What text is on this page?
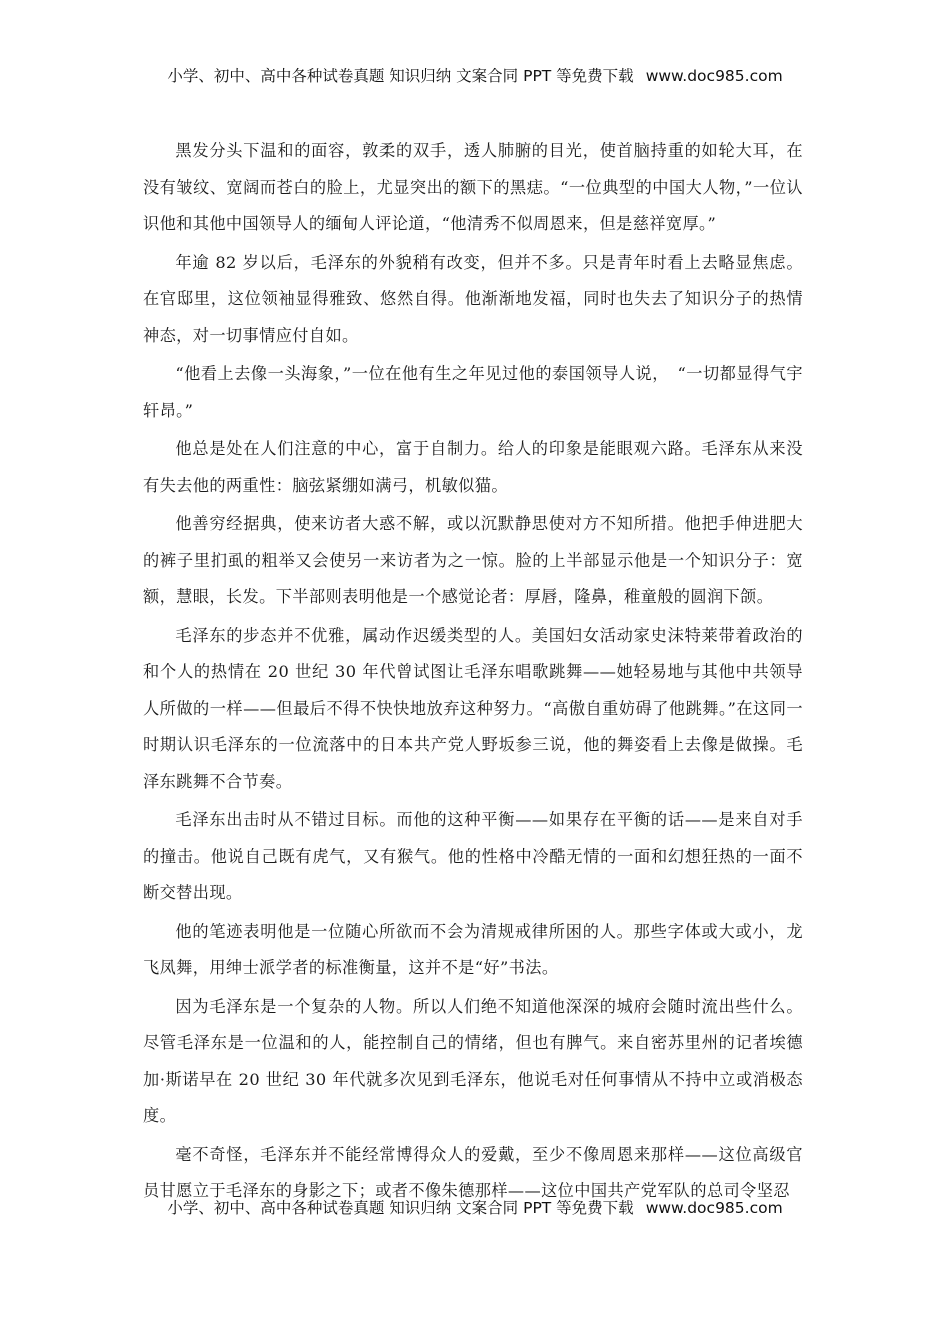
小学、初中、高中各种试卷真题 知识归纳 文案合同 PPT 等免费下载 www.doc985.com

黑发分头下温和的面容，敦柔的双手，透人肺腑的目光，使首脑持重的如轮大耳，在没有皱纹、宽阔而苍白的脸上，尤显突出的额下的黑痣。“一位典型的中国大人物，”一位认识他和其他中国领导人的缅甸人评论道，“他清秀不似周恩来，但是慈祥宽厚。”

年逾 82 岁以后，毛泽东的外貌稍有改变，但并不多。只是青年时看上去略显焦虑。在官邸里，这位领袖显得雅致、悠然自得。他渐渐地发福，同时也失去了知识分子的热情神态，对一切事情应付自如。

“他看上去像一头海象，”一位在他有生之年见过他的泰国领导人说，　“一切都显得气宇轩昂。”

他总是处在人们注意的中心，富于自制力。给人的印象是能眼观六路。毛泽东从来没有失去他的两重性：脑弦紧绷如满弓，机敏似猫。

他善穷经据典，使来访者大惑不解，或以沉默静思使对方不知所措。他把手伸进肥大的裤子里扪虱的粗举又会使另一来访者为之一惊。脸的上半部显示他是一个知识分子：宽额，慧眼，长发。下半部则表明他是一个感觉论者：厚唇，隆鼻，稚童般的圆润下颌。

毛泽东的步态并不优雅，属动作迟缓类型的人。美国妇女活动家史沫特莱带着政治的和个人的热情在 20 世纪 30 年代曾试图让毛泽东唱歌跳舞——她轻易地与其他中共领导人所做的一样——但最后不得不快快地放弃这种努力。“高傲自重妨碍了他跳舞。”在这同一时期认识毛泽东的一位流落中的日本共产党人野坂参三说，他的舞姿看上去像是做操。毛泽东跳舞不合节奏。

毛泽东出击时从不错过目标。而他的这种平衡——如果存在平衡的话——是来自对手的撞击。他说自己既有虎气，又有猴气。他的性格中冷酷无情的一面和幻想狂热的一面不断交替出现。

他的笔迹表明他是一位随心所欲而不会为清规戒律所困的人。那些字体或大或小，龙飞凤舞，用绅士派学者的标准衡量，这并不是“好”书法。

因为毛泽东是一个复杂的人物。所以人们绝不知道他深深的城府会随时流出些什么。尽管毛泽东是一位温和的人，能控制自己的情绪，但也有脾气。来自密苏里州的记者埃德加·斯诺早在 20 世纪 30 年代就多次见到毛泽东，他说毛对任何事情从不持中立或消极态度。

毫不奇怪，毛泽东并不能经常博得众人的爱戴，至少不像周恩来那样——这位高级官员甘愿立于毛泽东的身影之下；或者不像朱德那样——这位中国共产党军队的总司令坚忍

小学、初中、高中各种试卷真题 知识归纳 文案合同 PPT 等免费下载 www.doc985.com
